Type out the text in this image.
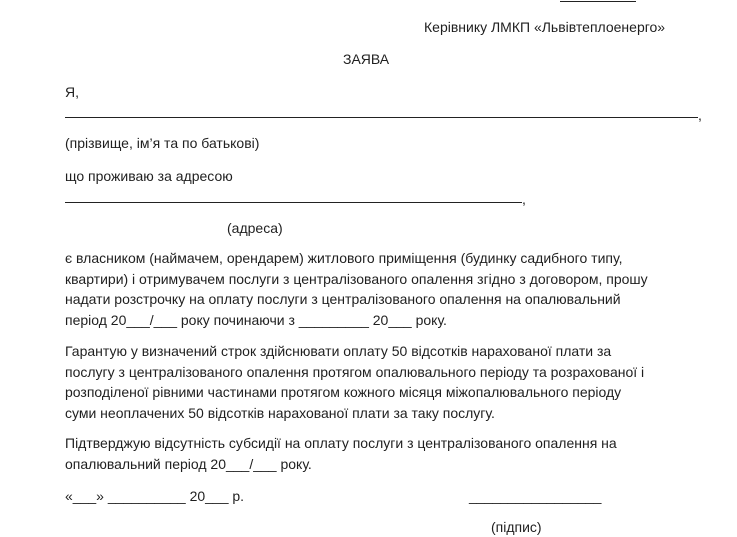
Керівнику ЛМКП «Львівтеплоенерго»
ЗАЯВА
Я,
,
(прізвище, ім’я та по батькові)
що проживаю за адресою
,
(адреса)
є власником (наймачем, орендарем) житлового приміщення (будинку садибного типу,
квартири) і отримувачем послуги з централізованого опалення згідно з договором, прошу
надати розстрочку на оплату послуги з централізованого опалення на опалювальний
період 20___/___ року починаючи з _________ 20___ року.
Гарантую у визначений строк здійснювати оплату 50 відсотків нарахованої плати за
послугу з централізованого опалення протягом опалювального періоду та розрахованої і
розподіленої рівними частинами протягом кожного місяця міжопалювального періоду
суми неоплачених 50 відсотків нарахованої плати за таку послугу.
Підтверджую відсутність субсидії на оплату послуги з централізованого опалення на
опалювальний період 20___/___ року.
«___» __________ 20___ р.	_________________
(підпис)
